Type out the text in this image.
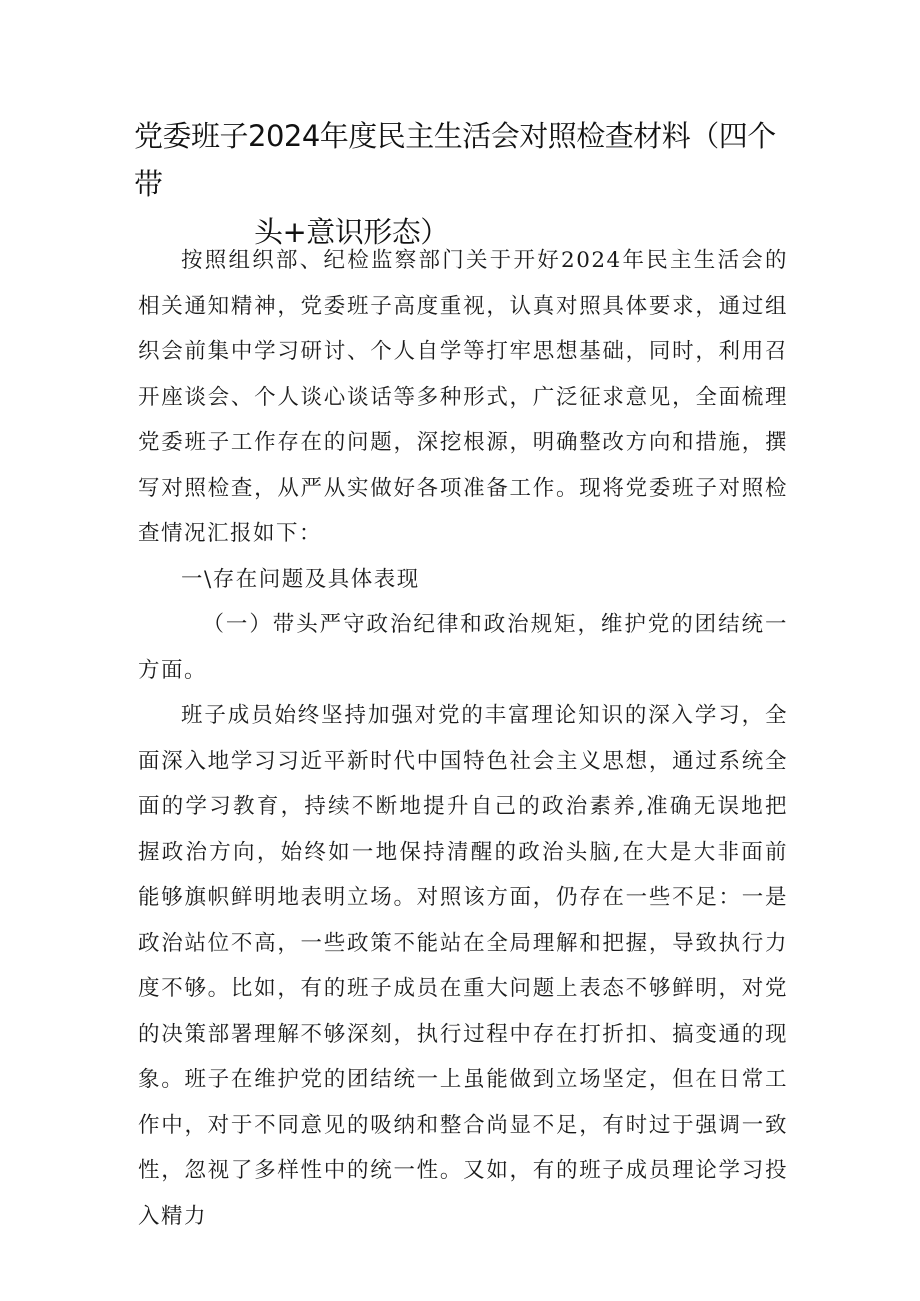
党委班子2024年度民主生活会对照检查材料（四个带
头+意识形态）

按照组织部、纪检监察部门关于开好2024年民主生活会的相关通知精神，党委班子高度重视，认真对照具体要求，通过组织会前集中学习研讨、个人自学等打牢思想基础，同时，利用召开座谈会、个人谈心谈话等多种形式，广泛征求意见，全面梳理党委班子工作存在的问题，深挖根源，明确整改方向和措施，撰写对照检查，从严从实做好各项准备工作。现将党委班子对照检查情况汇报如下：

一\存在问题及具体表现

（一）带头严守政治纪律和政治规矩，维护党的团结统一方面。

班子成员始终坚持加强对党的丰富理论知识的深入学习，全面深入地学习习近平新时代中国特色社会主义思想，通过系统全面的学习教育，持续不断地提升自己的政治素养,准确无误地把握政治方向，始终如一地保持清醒的政治头脑,在大是大非面前能够旗帜鲜明地表明立场。对照该方面，仍存在一些不足：一是政治站位不高，一些政策不能站在全局理解和把握，导致执行力度不够。比如，有的班子成员在重大问题上表态不够鲜明，对党的决策部署理解不够深刻，执行过程中存在打折扣、搞变通的现象。班子在维护党的团结统一上虽能做到立场坚定，但在日常工作中，对于不同意见的吸纳和整合尚显不足，有时过于强调一致性，忽视了多样性中的统一性。又如，有的班子成员理论学习投入精力
